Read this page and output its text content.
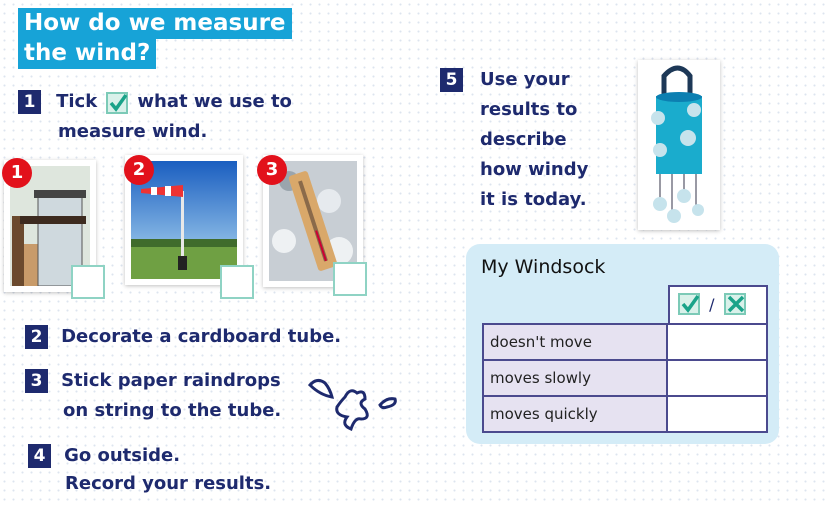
How do we measure
the wind?
1 Tick what we use to
measure wind.
1	2	3
2 Decorate a cardboard tube.
3 Stick paper raindrops
on string to the tube.
4 Go outside.
Record your results.
5	Use your
results to
describe
how windy
it is today.
My Windsock
/
doesn't move	
moves slowly	
moves quickly	
